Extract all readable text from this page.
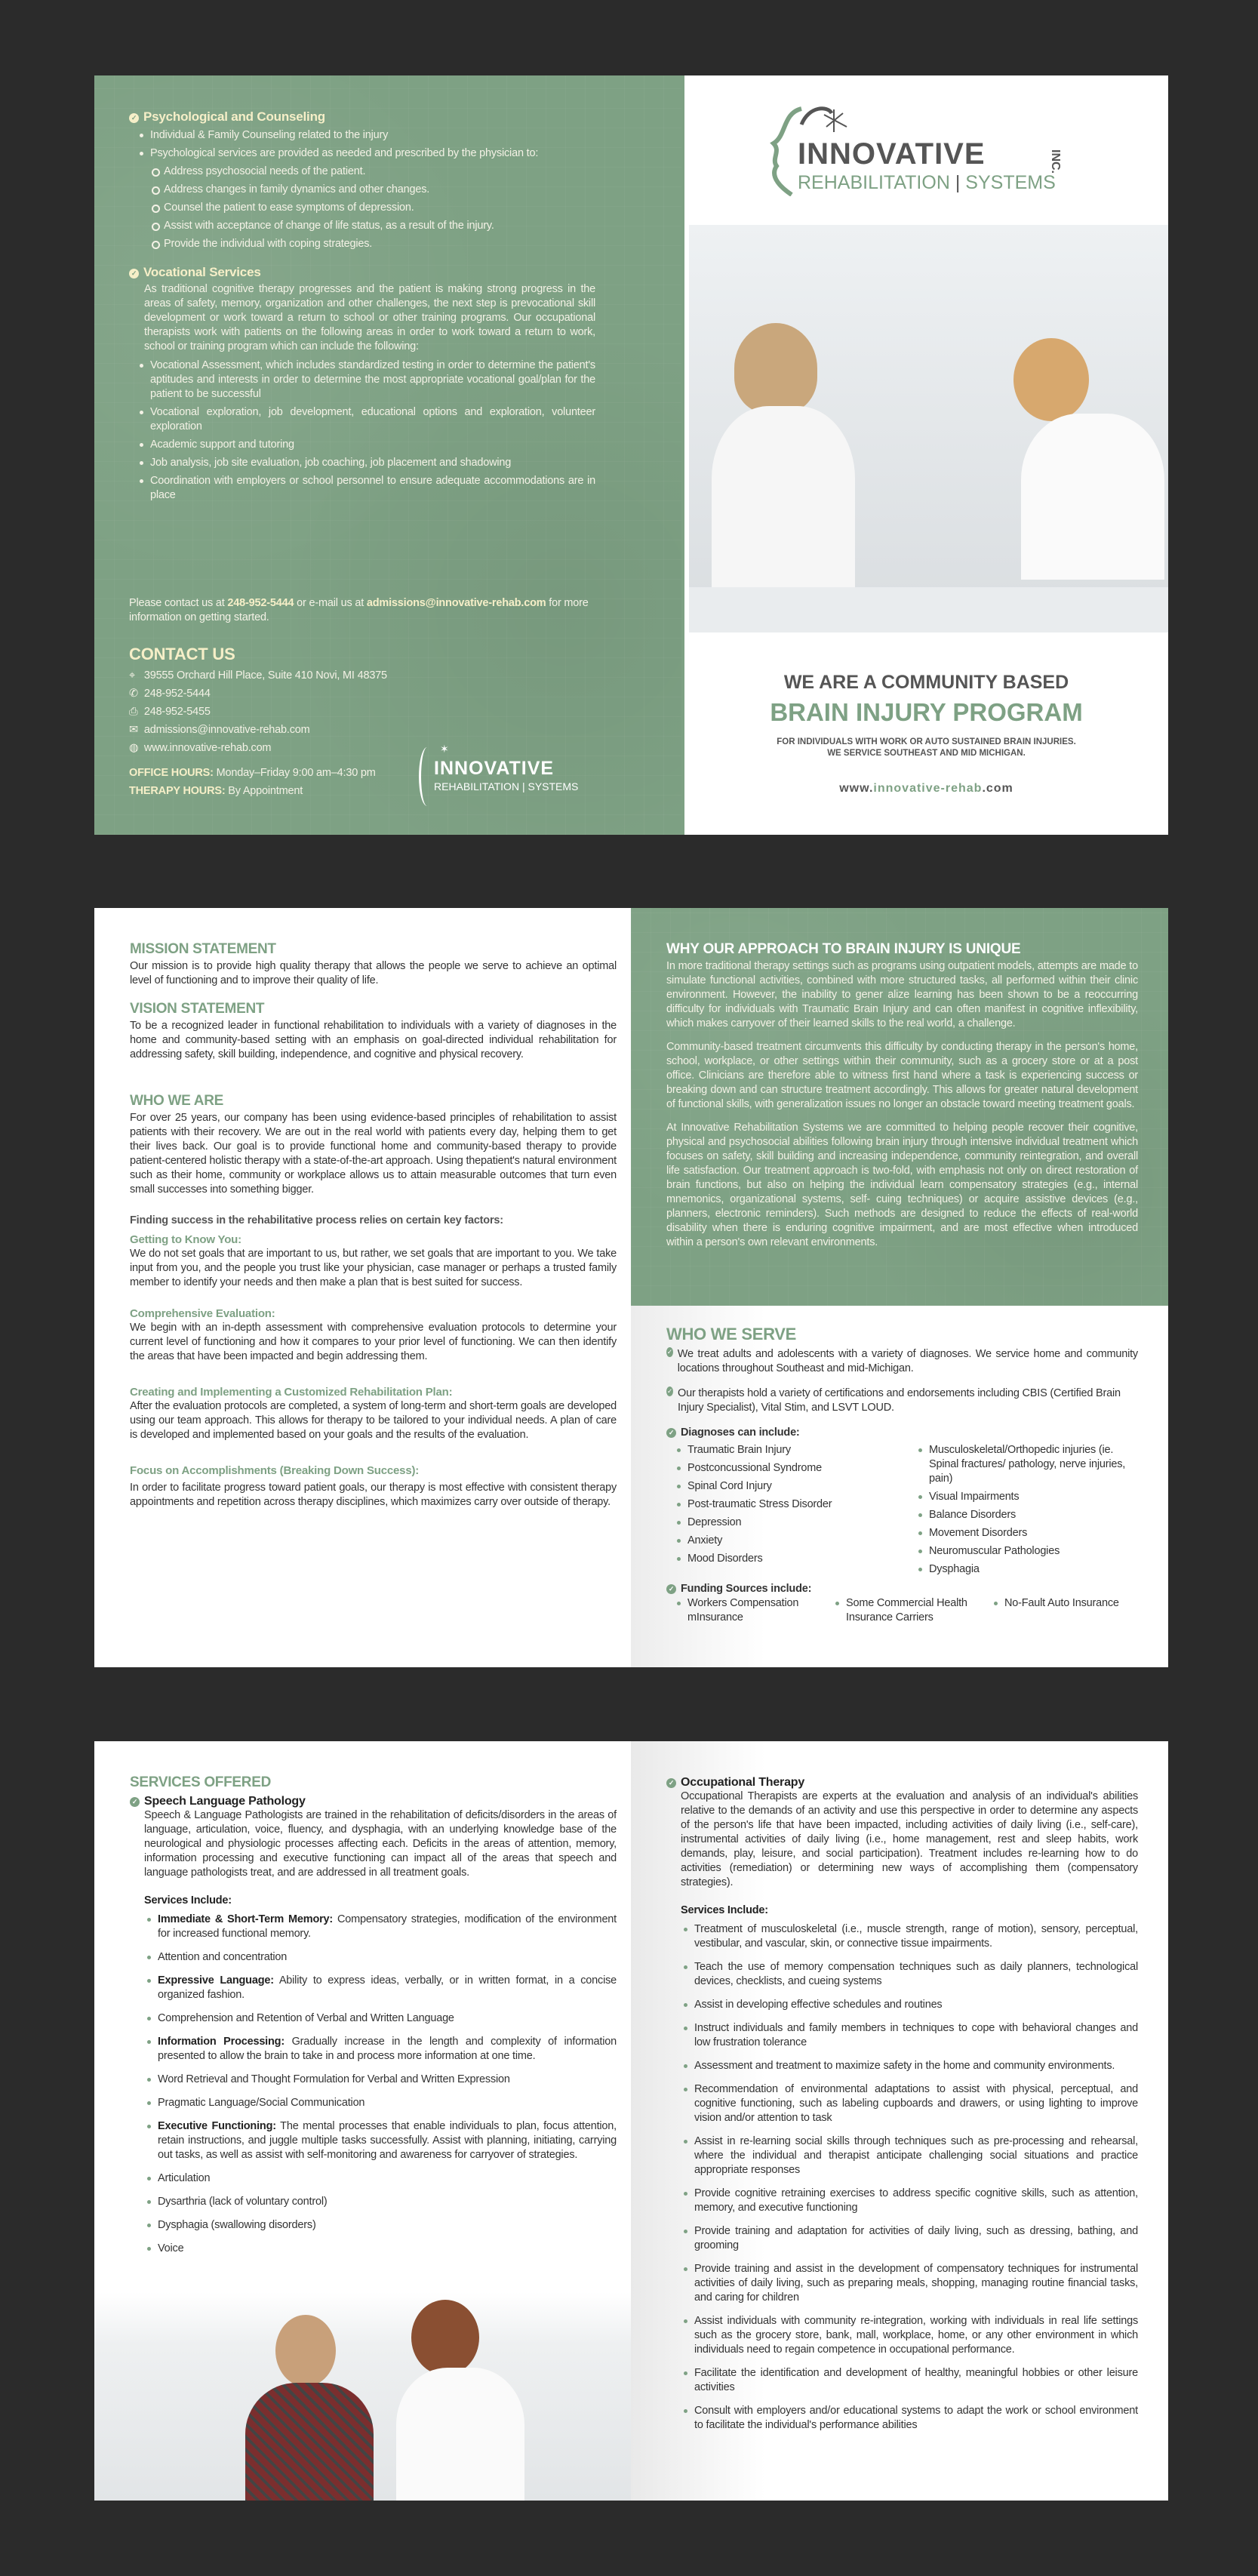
✓ Psychological and Counseling
Individual & Family Counseling related to the injury
Psychological services are provided as needed and prescribed by the physician to:
Address psychosocial needs of the patient.
Address changes in family dynamics and other changes.
Counsel the patient to ease symptoms of depression.
Assist with acceptance of change of life status, as a result of the injury.
Provide the individual with coping strategies.
✓ Vocational Services

As traditional cognitive therapy progresses and the patient is making strong progress in the areas of safety, memory, organization and other challenges, the next step is prevocational skill development or work toward a return to school or other training programs. Our occupational therapists work with patients on the following areas in order to work toward a return to work, school or training program which can include the following:

Vocational Assessment, which includes standardized testing in order to determine the patient's aptitudes and interests in order to determine the most appropriate vocational goal/plan for the patient to be successful
Vocational exploration, job development, educational options and exploration, volunteer exploration
Academic support and tutoring
Job analysis, job site evaluation, job coaching, job placement and shadowing
Coordination with employers or school personnel to ensure adequate accommodations are in place
Please contact us at 248-952-5444 or e-mail us at admissions@innovative-rehab.com for more information on getting started.
CONTACT US
⌖ 39555 Orchard Hill Place, Suite 410 Novi, MI 48375
✆ 248-952-5444
⎙ 248-952-5455
✉ admissions@innovative-rehab.com
◍ www.innovative-rehab.com
OFFICE HOURS: Monday–Friday 9:00 am–4:30 pm
THERAPY HOURS: By Appointment
✶
INNOVATIVE
REHABILITATION | SYSTEMS
INNOVATIVE
REHABILITATION | SYSTEMS
INC.
WE ARE A COMMUNITY BASED
BRAIN INJURY PROGRAM
FOR INDIVIDUALS WITH WORK OR AUTO SUSTAINED BRAIN INJURIES.
WE SERVICE SOUTHEAST AND MID MICHIGAN.
www.innovative-rehab.com
MISSION STATEMENT

Our mission is to provide high quality therapy that allows the people we serve to achieve an optimal level of functioning and to improve their quality of life.

VISION STATEMENT

To be a recognized leader in functional rehabilitation to individuals with a variety of diagnoses in the home and community-based setting with an emphasis on goal-directed individual rehabilitation for addressing safety, skill building, independence, and cognitive and physical recovery.

WHO WE ARE

For over 25 years, our company has been using evidence-based principles of rehabilitation to assist patients with their recovery. We are out in the real world with patients every day, helping them to get their lives back. Our goal is to provide functional home and community-based therapy to provide patient-centered holistic therapy with a state-of-the-art approach. Using thepatient's natural environment such as their home, community or workplace allows us to attain measurable outcomes that turn even small successes into something bigger.

Finding success in the rehabilitative process relies on certain key factors:

Getting to Know You:

We do not set goals that are important to us, but rather, we set goals that are important to you. We take input from you, and the people you trust like your physician, case manager or perhaps a trusted family member to identify your needs and then make a plan that is best suited for success.

Comprehensive Evaluation:

We begin with an in-depth assessment with comprehensive evaluation protocols to determine your current level of functioning and how it compares to your prior level of functioning. We can then identify the areas that have been impacted and begin addressing them.

Creating and Implementing a Customized Rehabilitation Plan:

After the evaluation protocols are completed, a system of long-term and short-term goals are developed using our team approach. This allows for therapy to be tailored to your individual needs. A plan of care is developed and implemented based on your goals and the results of the evaluation.

Focus on Accomplishments (Breaking Down Success):

In order to facilitate progress toward patient goals, our therapy is most effective with consistent therapy appointments and repetition across therapy disciplines, which maximizes carry over outside of therapy.

WHY OUR APPROACH TO BRAIN INJURY IS UNIQUE

In more traditional therapy settings such as programs using outpatient models, attempts are made to simulate functional activities, combined with more structured tasks, all performed within their clinic environment. However, the inability to gener alize learning has been shown to be a reoccurring difficulty for individuals with Traumatic Brain Injury and can often manifest in cognitive inflexibility, which makes carryover of their learned skills to the real world, a challenge.

Community-based treatment circumvents this difficulty by conducting therapy in the person's home, school, workplace, or other settings within their community, such as a grocery store or at a post office. Clinicians are therefore able to witness first hand where a task is experiencing success or breaking down and can structure treatment accordingly. This allows for greater natural development of functional skills, with generalization issues no longer an obstacle toward meeting treatment goals.

At Innovative Rehabilitation Systems we are committed to helping people recover their cognitive, physical and psychosocial abilities following brain injury through intensive individual treatment which focuses on safety, skill building and increasing independence, community reintegration, and overall life satisfaction. Our treatment approach is two-fold, with emphasis not only on direct restoration of brain functions, but also on helping the individual learn compensatory strategies (e.g., internal mnemonics, organizational systems, self- cuing techniques) or acquire assistive devices (e.g., planners, electronic reminders). Such methods are designed to reduce the effects of real-world disability when there is enduring cognitive impairment, and are most effective when introduced within a person's own relevant environments.

WHO WE SERVE
✓ We treat adults and adolescents with a variety of diagnoses. We service home and community locations throughout Southeast and mid-Michigan.

✓ Our therapists hold a variety of certifications and endorsements including CBIS (Certified Brain Injury Specialist), Vital Stim, and LSVT LOUD.

✓ Diagnoses can include:
Traumatic Brain Injury
Postconcussional Syndrome
Spinal Cord Injury
Post-traumatic Stress Disorder
Depression
Anxiety
Mood Disorders
Musculoskeletal/Orthopedic injuries (ie. Spinal fractures/ pathology, nerve injuries, pain)
Visual Impairments
Balance Disorders
Movement Disorders
Neuromuscular Pathologies
Dysphagia
✓ Funding Sources include:
Workers Compensation mInsurance
Some Commercial Health Insurance Carriers
No-Fault Auto Insurance
SERVICES OFFERED
✓ Speech Language Pathology

Speech & Language Pathologists are trained in the rehabilitation of deficits/disorders in the areas of language, articulation, voice, fluency, and dysphagia, with an underlying knowledge base of the neurological and physiologic processes affecting each. Deficits in the areas of attention, memory, information processing and executive functioning can impact all of the areas that speech and language pathologists treat, and are addressed in all treatment goals.

Services Include:
Immediate & Short-Term Memory: Compensatory strategies, modification of the environment for increased functional memory.
Attention and concentration
Expressive Language: Ability to express ideas, verbally, or in written format, in a concise organized fashion.
Comprehension and Retention of Verbal and Written Language
Information Processing: Gradually increase in the length and complexity of information presented to allow the brain to take in and process more information at one time.
Word Retrieval and Thought Formulation for Verbal and Written Expression
Pragmatic Language/Social Communication
Executive Functioning: The mental processes that enable individuals to plan, focus attention, retain instructions, and juggle multiple tasks successfully. Assist with planning, initiating, carrying out tasks, as well as assist with self-monitoring and awareness for carryover of strategies.
Articulation
Dysarthria (lack of voluntary control)
Dysphagia (swallowing disorders)
Voice
✓ Occupational Therapy

Occupational Therapists are experts at the evaluation and analysis of an individual's abilities relative to the demands of an activity and use this perspective in order to determine any aspects of the person's life that have been impacted, including activities of daily living (i.e., self-care), instrumental activities of daily living (i.e., home management, rest and sleep habits, work demands, play, leisure, and social participation). Treatment includes re-learning how to do activities (remediation) or determining new ways of accomplishing them (compensatory strategies).

Services Include:
Treatment of musculoskeletal (i.e., muscle strength, range of motion), sensory, perceptual, vestibular, and vascular, skin, or connective tissue impairments.
Teach the use of memory compensation techniques such as daily planners, technological devices, checklists, and cueing systems
Assist in developing effective schedules and routines
Instruct individuals and family members in techniques to cope with behavioral changes and low frustration tolerance
Assessment and treatment to maximize safety in the home and community environments.
Recommendation of environmental adaptations to assist with physical, perceptual, and cognitive functioning, such as labeling cupboards and drawers, or using lighting to improve vision and/or attention to task
Assist in re-learning social skills through techniques such as pre-processing and rehearsal, where the individual and therapist anticipate challenging social situations and practice appropriate responses
Provide cognitive retraining exercises to address specific cognitive skills, such as attention, memory, and executive functioning
Provide training and adaptation for activities of daily living, such as dressing, bathing, and grooming
Provide training and assist in the development of compensatory techniques for instrumental activities of daily living, such as preparing meals, shopping, managing routine financial tasks, and caring for children
Assist individuals with community re-integration, working with individuals in real life settings such as the grocery store, bank, mall, workplace, home, or any other environment in which individuals need to regain competence in occupational performance.
Facilitate the identification and development of healthy, meaningful hobbies or other leisure activities
Consult with employers and/or educational systems to adapt the work or school environment to facilitate the individual's performance abilities
